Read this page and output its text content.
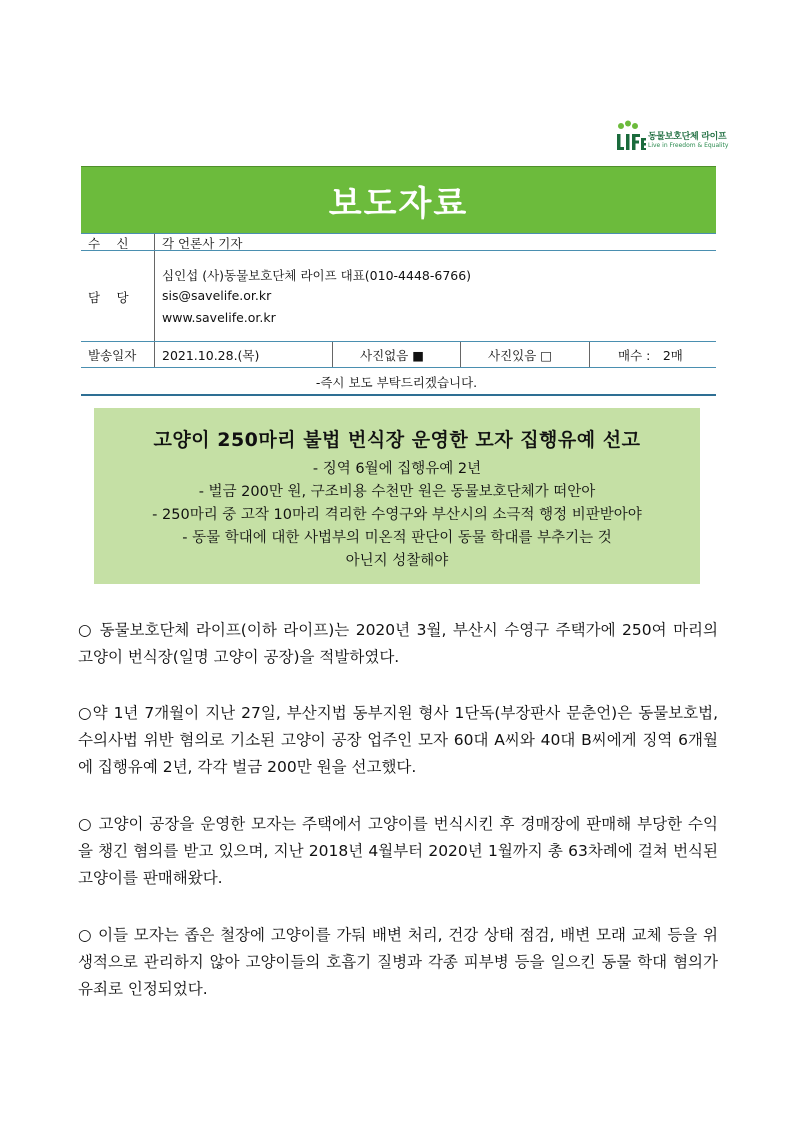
동물보호단체 라이프
Live in Freedom & Equality
보도자료
수　 신	각 언론사 기자
담　 당
심인섭 (사)동물보호단체 라이프 대표(010-4448-6766)
sis@savelife.or.kr
www.savelife.or.kr
발송일자 2021.10.28.(목)	사진없음 ■	사진있음 □	매수 :　2매
-즉시 보도 부탁드리겠습니다.
고양이 250마리 불법 번식장 운영한 모자 집행유예 선고
- 징역 6월에 집행유예 2년
- 벌금 200만 원, 구조비용 수천만 원은 동물보호단체가 떠안아
- 250마리 중 고작 10마리 격리한 수영구와 부산시의 소극적 행정 비판받아야
- 동물 학대에 대한 사법부의 미온적 판단이 동물 학대를 부추기는 것
아닌지 성찰해야
○ 동물보호단체 라이프(이하 라이프)는 2020년 3월, 부산시 수영구 주택가에 250여 마리의 고양이 번식장(일명 고양이 공장)을 적발하였다.
○약 1년 7개월이 지난 27일, 부산지법 동부지원 형사 1단독(부장판사 문춘언)은 동물보호법, 수의사법 위반 혐의로 기소된 고양이 공장 업주인 모자 60대 A씨와 40대 B씨에게 징역 6개월에 집행유예 2년, 각각 벌금 200만 원을 선고했다.
○ 고양이 공장을 운영한 모자는 주택에서 고양이를 번식시킨 후 경매장에 판매해 부당한 수익을 챙긴 혐의를 받고 있으며, 지난 2018년 4월부터 2020년 1월까지 총 63차례에 걸쳐 번식된 고양이를 판매해왔다.
○ 이들 모자는 좁은 철장에 고양이를 가둬 배변 처리, 건강 상태 점검, 배변 모래 교체 등을 위생적으로 관리하지 않아 고양이들의 호흡기 질병과 각종 피부병 등을 일으킨 동물 학대 혐의가 유죄로 인정되었다.
